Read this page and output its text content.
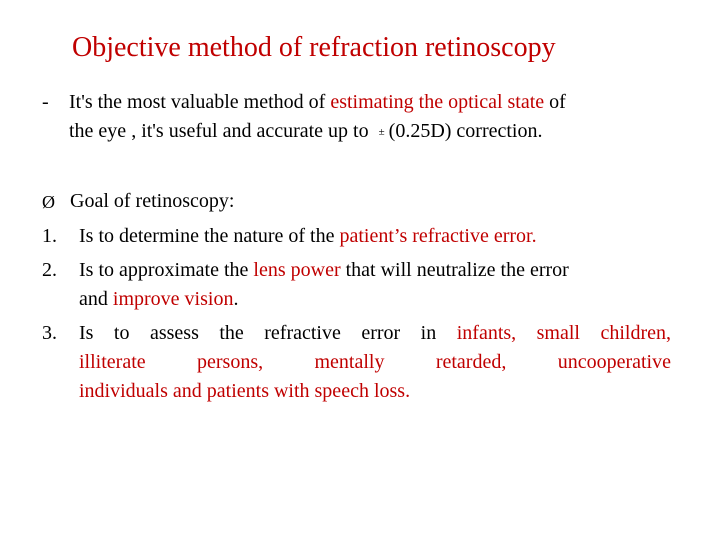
Objective method of refraction retinoscopy
- It's the most valuable method of estimating the optical state of
the eye , it's useful and accurate up to ± (0.25D) correction.
Ø Goal of retinoscopy:
1. Is to determine the nature of the patient’s refractive error.
2. Is to approximate the lens power that will neutralize the error
and improve vision.
3. Is to assess the refractive error in infants, small children,
illiterate persons, mentally retarded, uncooperative
individuals and patients with speech loss.
